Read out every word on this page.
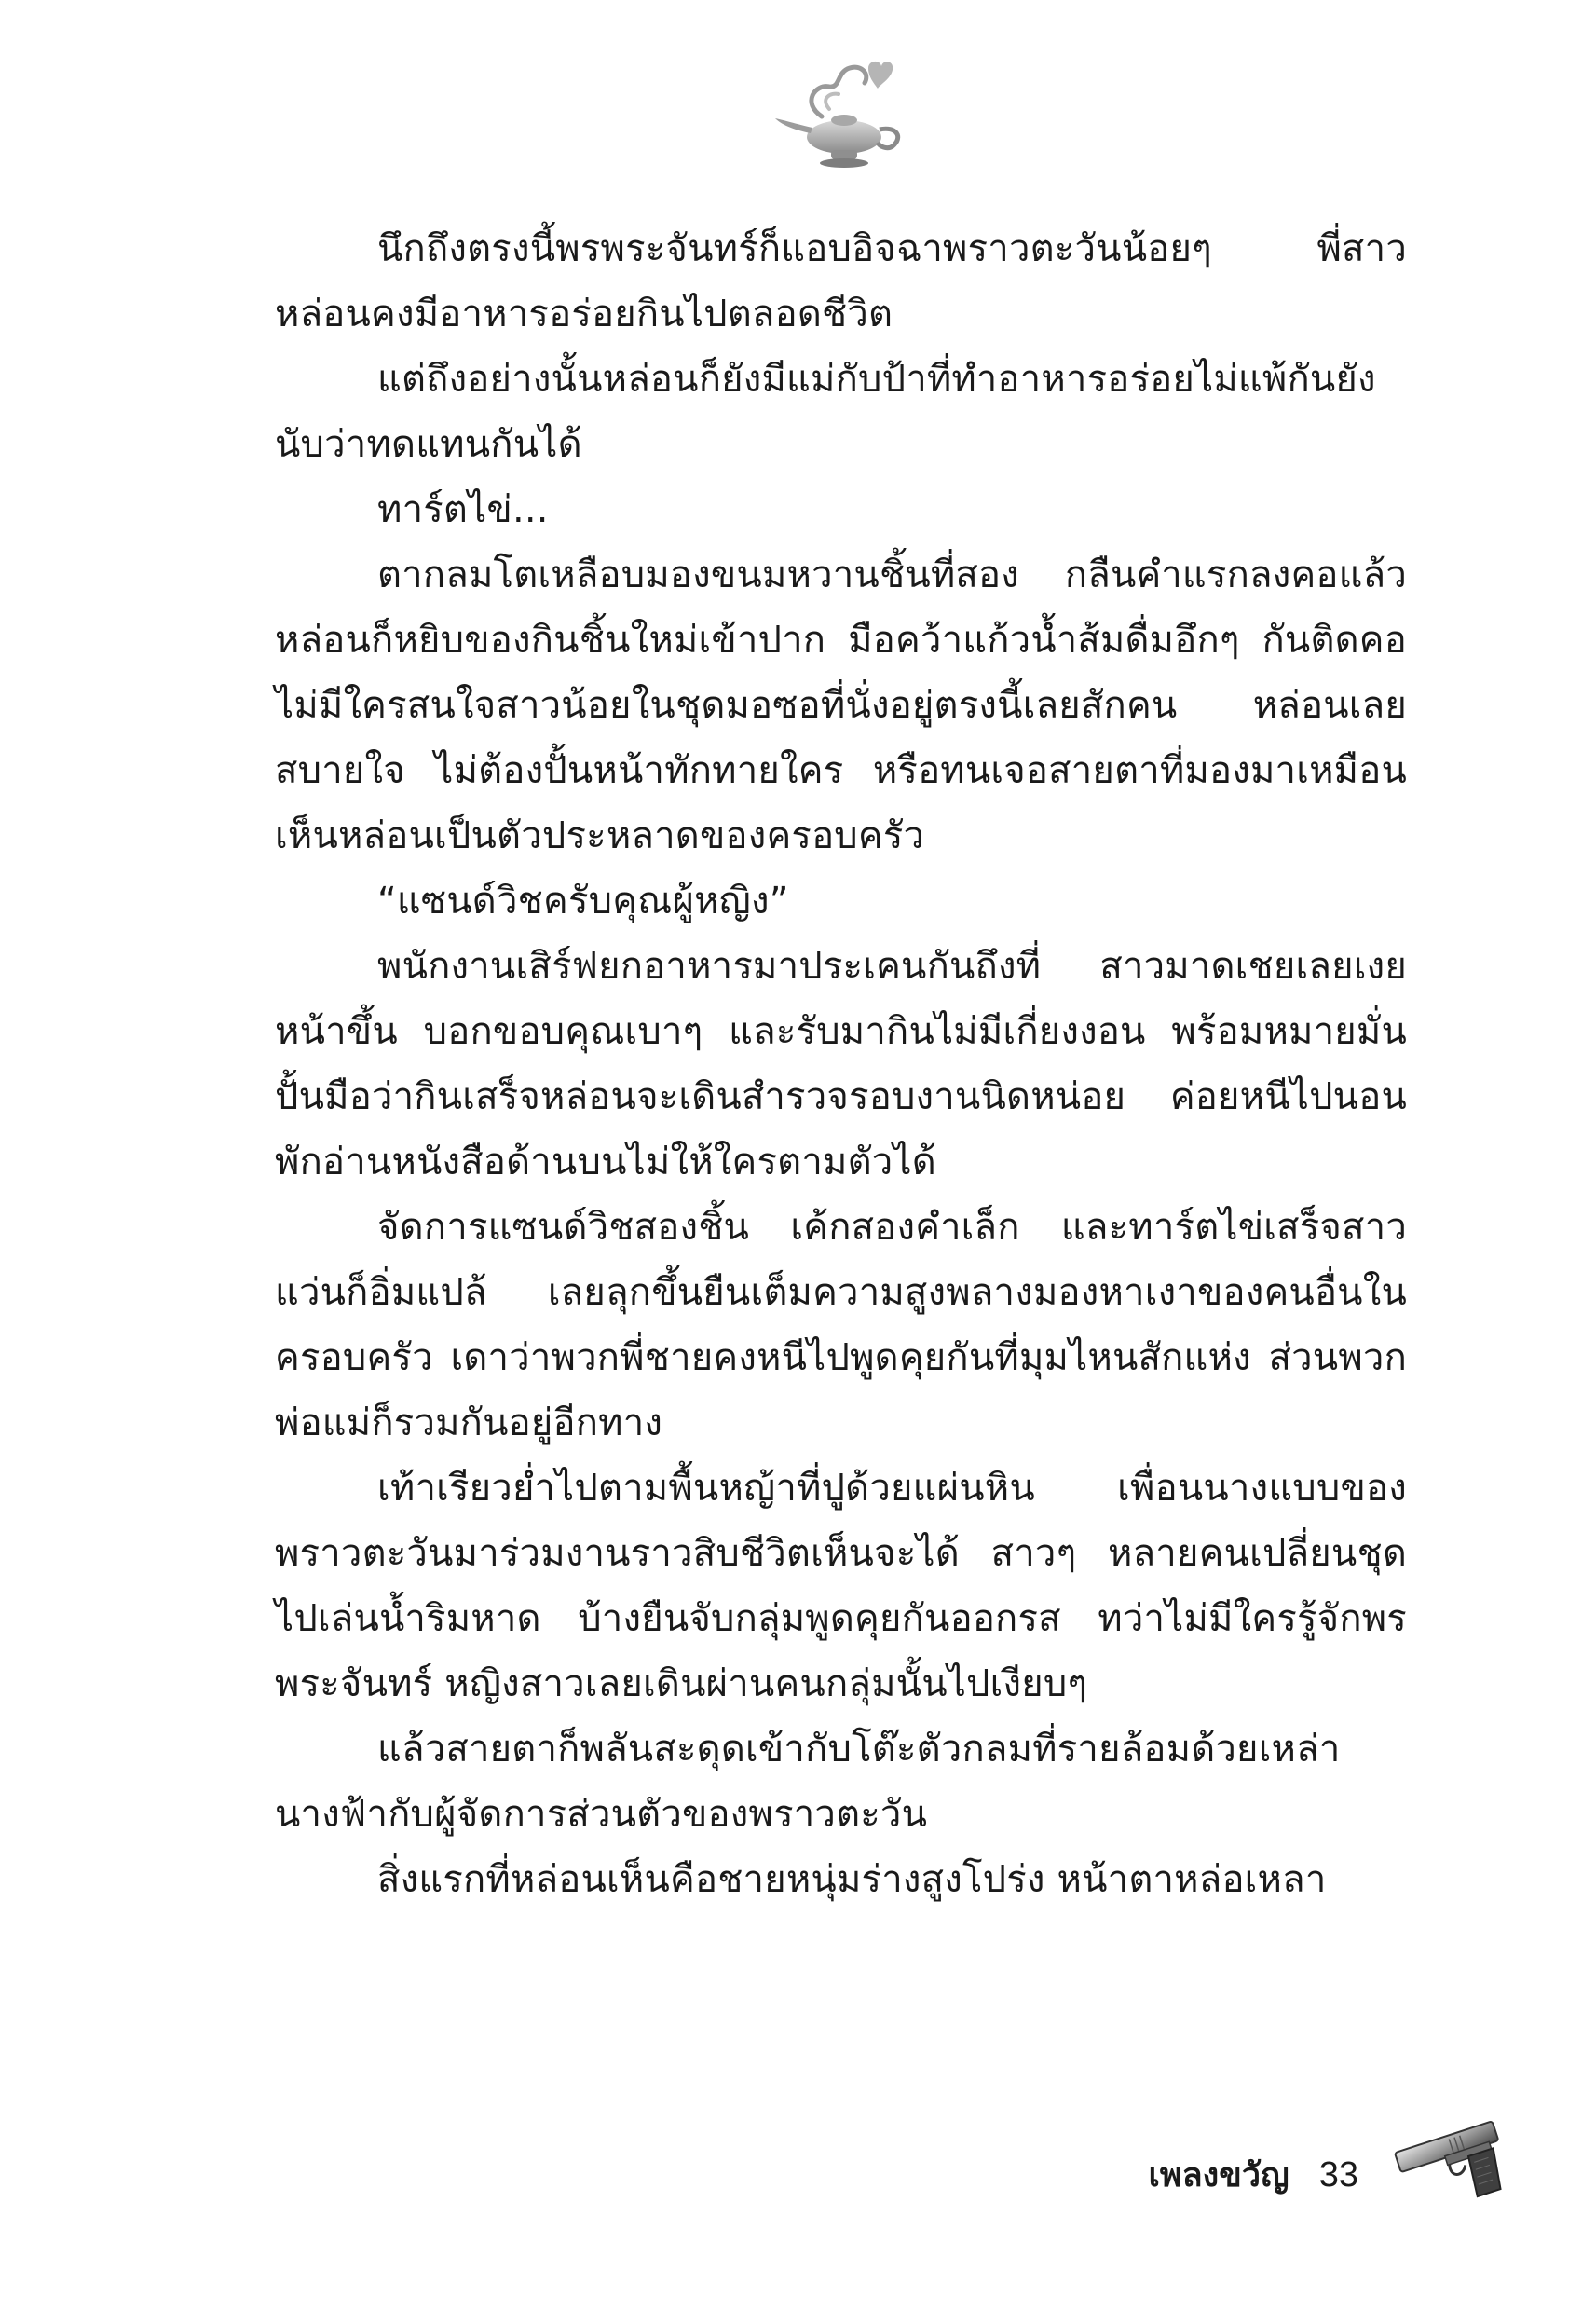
นึกถึงตรงนี้พรพระจันทร์ก็แอบอิจฉาพราวตะวันน้อยๆ พี่สาวหล่อนคงมีอาหารอร่อยกินไปตลอดชีวิต

แต่ถึงอย่างนั้นหล่อนก็ยังมีแม่กับป้าที่ทำอาหารอร่อยไม่แพ้กันยังนับว่าทดแทนกันได้

ทาร์ตไข่...

ตากลมโตเหลือบมองขนมหวานชิ้นที่สอง กลืนคำแรกลงคอแล้วหล่อนก็หยิบของกินชิ้นใหม่เข้าปาก มือคว้าแก้วน้ำส้มดื่มอึกๆ กันติดคอ ไม่มีใครสนใจสาวน้อยในชุดมอซอที่นั่งอยู่ตรงนี้เลยสักคน หล่อนเลยสบายใจ ไม่ต้องปั้นหน้าทักทายใคร หรือทนเจอสายตาที่มองมาเหมือนเห็นหล่อนเป็นตัวประหลาดของครอบครัว

“แซนด์วิชครับคุณผู้หญิง”

พนักงานเสิร์ฟยกอาหารมาประเคนกันถึงที่ สาวมาดเชยเลยเงยหน้าขึ้น บอกขอบคุณเบาๆ และรับมากินไม่มีเกี่ยงงอน พร้อมหมายมั่นปั้นมือว่ากินเสร็จหล่อนจะเดินสำรวจรอบงานนิดหน่อย ค่อยหนีไปนอนพักอ่านหนังสือด้านบนไม่ให้ใครตามตัวได้

จัดการแซนด์วิชสองชิ้น เค้กสองคำเล็ก และทาร์ตไข่เสร็จสาวแว่นก็อิ่มแปล้ เลยลุกขึ้นยืนเต็มความสูงพลางมองหาเงาของคนอื่นในครอบครัว เดาว่าพวกพี่ชายคงหนีไปพูดคุยกันที่มุมไหนสักแห่ง ส่วนพวกพ่อแม่ก็รวมกันอยู่อีกทาง

เท้าเรียวย่ำไปตามพื้นหญ้าที่ปูด้วยแผ่นหิน เพื่อนนางแบบของพราวตะวันมาร่วมงานราวสิบชีวิตเห็นจะได้ สาวๆ หลายคนเปลี่ยนชุดไปเล่นน้ำริมหาด บ้างยืนจับกลุ่มพูดคุยกันออกรส ทว่าไม่มีใครรู้จักพรพระจันทร์ หญิงสาวเลยเดินผ่านคนกลุ่มนั้นไปเงียบๆ

แล้วสายตาก็พลันสะดุดเข้ากับโต๊ะตัวกลมที่รายล้อมด้วยเหล่านางฟ้ากับผู้จัดการส่วนตัวของพราวตะวัน

สิ่งแรกที่หล่อนเห็นคือชายหนุ่มร่างสูงโปร่ง หน้าตาหล่อเหลา

เพลงขวัญ 33
